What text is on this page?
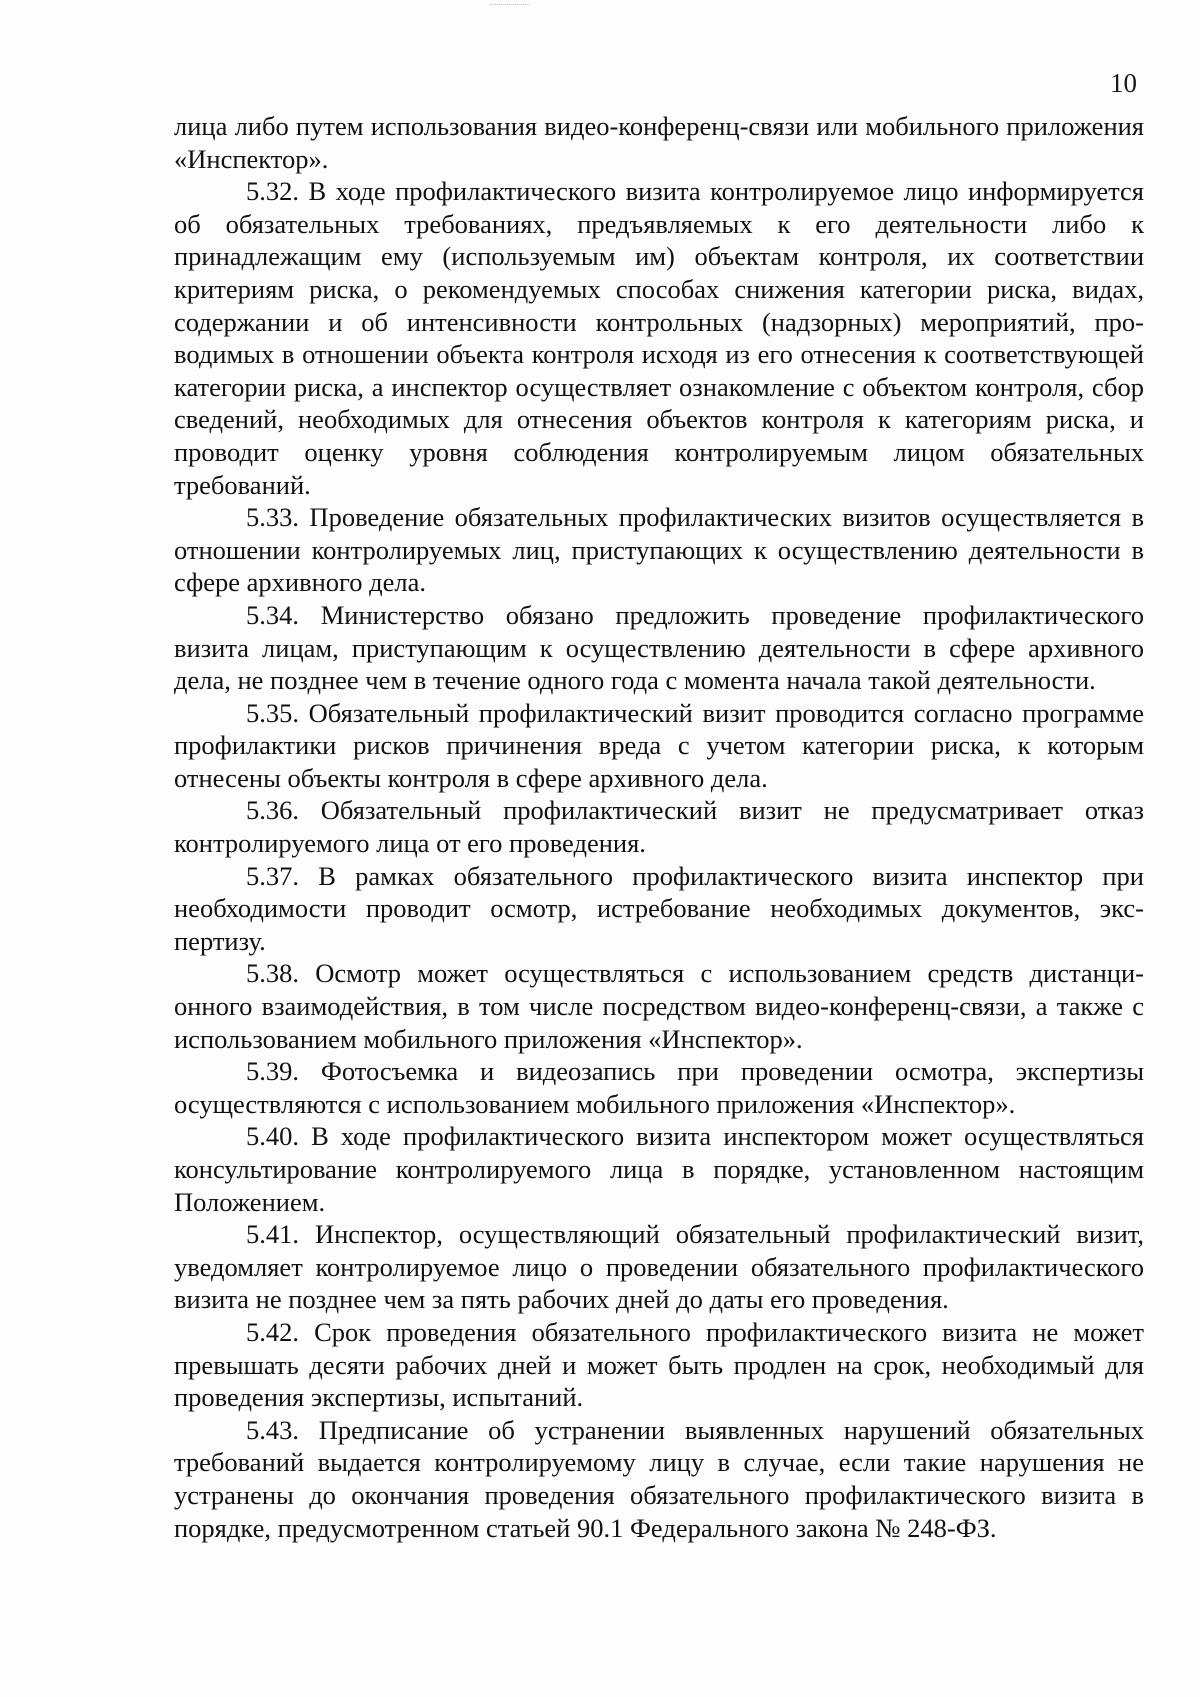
10

лица либо путем использования видео-конференц-связи или мобильного приложения «Инспектор».

5.32. В ходе профилактического визита контролируемое лицо информируется об обязательных требованиях, предъявляемых к его деятельности либо к принадлежащим ему (используемым им) объектам контроля, их соответствии критериям риска, о рекомендуемых способах снижения категории риска, видах, содержании и об интенсивности контрольных (надзорных) мероприятий, проводимых в отношении объекта контроля исходя из его отнесения к соответствующей категории риска, а инспектор осуществляет ознакомление с объектом контроля, сбор сведений, необходимых для отнесения объектов контроля к категориям риска, и проводит оценку уровня соблюдения контролируемым лицом обязательных требований.

5.33. Проведение обязательных профилактических визитов осуществляется в отношении контролируемых лиц, приступающих к осуществлению деятельности в сфере архивного дела.

5.34. Министерство обязано предложить проведение профилактического визита лицам, приступающим к осуществлению деятельности в сфере архивного дела, не позднее чем в течение одного года с момента начала такой деятельности.

5.35. Обязательный профилактический визит проводится согласно программе профилактики рисков причинения вреда с учетом категории риска, к которым отнесены объекты контроля в сфере архивного дела.

5.36. Обязательный профилактический визит не предусматривает отказ контролируемого лица от его проведения.

5.37. В рамках обязательного профилактического визита инспектор при необходимости проводит осмотр, истребование необходимых документов, экспертизу.

5.38. Осмотр может осуществляться с использованием средств дистанционного взаимодействия, в том числе посредством видео-конференц-связи, а также с использованием мобильного приложения «Инспектор».

5.39. Фотосъемка и видеозапись при проведении осмотра, экспертизы осуществляются с использованием мобильного приложения «Инспектор».

5.40. В ходе профилактического визита инспектором может осуществляться консультирование контролируемого лица в порядке, установленном настоящим Положением.

5.41. Инспектор, осуществляющий обязательный профилактический визит, уведомляет контролируемое лицо о проведении обязательного профилактического визита не позднее чем за пять рабочих дней до даты его проведения.

5.42. Срок проведения обязательного профилактического визита не может превышать десяти рабочих дней и может быть продлен на срок, необходимый для проведения экспертизы, испытаний.

5.43. Предписание об устранении выявленных нарушений обязательных требований выдается контролируемому лицу в случае, если такие нарушения не устранены до окончания проведения обязательного профилактического визита в порядке, предусмотренном статьей 90.1 Федерального закона № 248-ФЗ.
